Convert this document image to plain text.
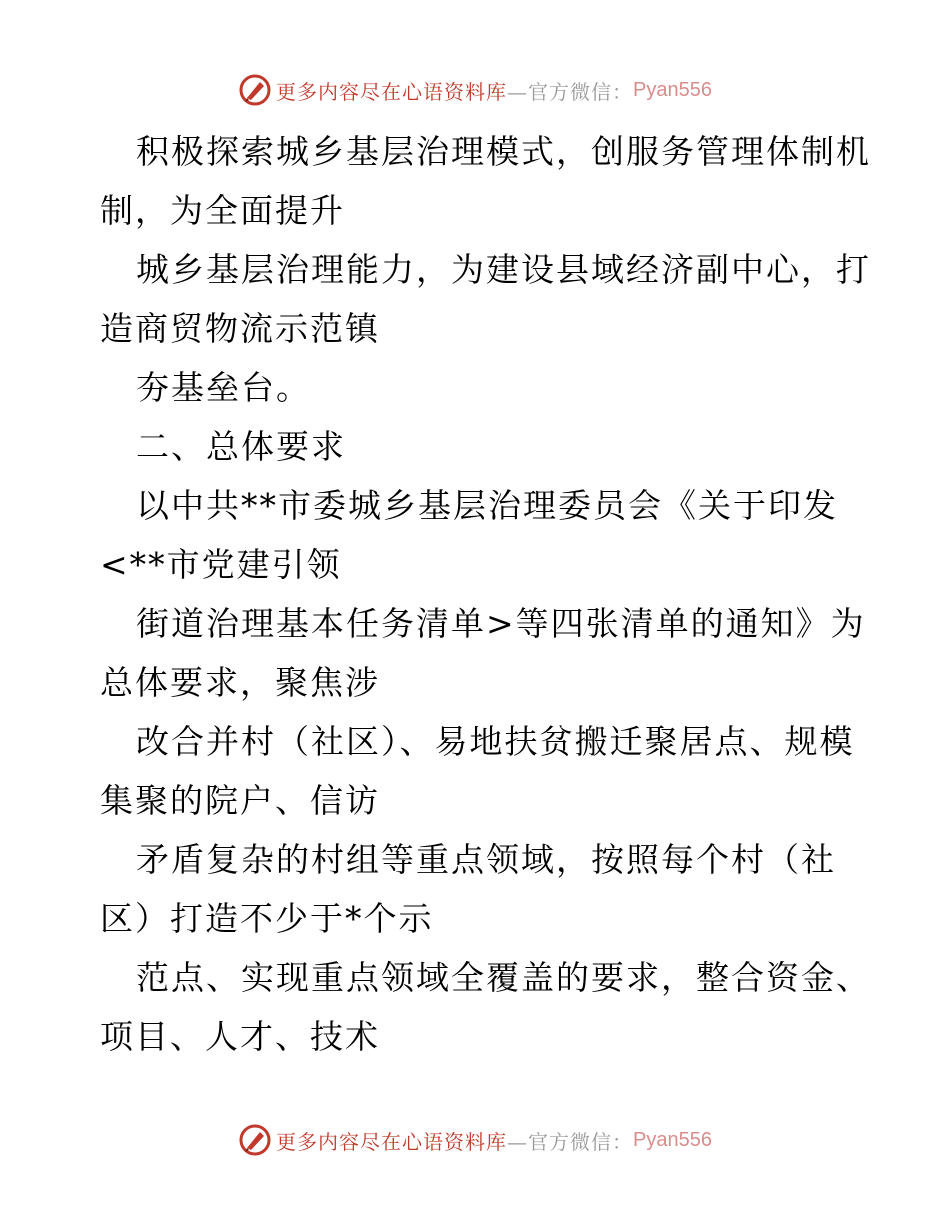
更多内容尽在心语资料库 —官方微信： Pyan556
积极探索城乡基层治理模式，创服务管理体制机
制，为全面提升
城乡基层治理能力，为建设县域经济副中心，打
造商贸物流示范镇
夯基垒台。
二、总体要求
以中共**市委城乡基层治理委员会《关于印发
<**市党建引领
街道治理基本任务清单>等四张清单的通知》为
总体要求，聚焦涉
改合并村（社区）、易地扶贫搬迁聚居点、规模
集聚的院户、信访
矛盾复杂的村组等重点领域，按照每个村（社
区）打造不少于*个示
范点、实现重点领域全覆盖的要求，整合资金、
项目、人才、技术
更多内容尽在心语资料库 —官方微信： Pyan556
